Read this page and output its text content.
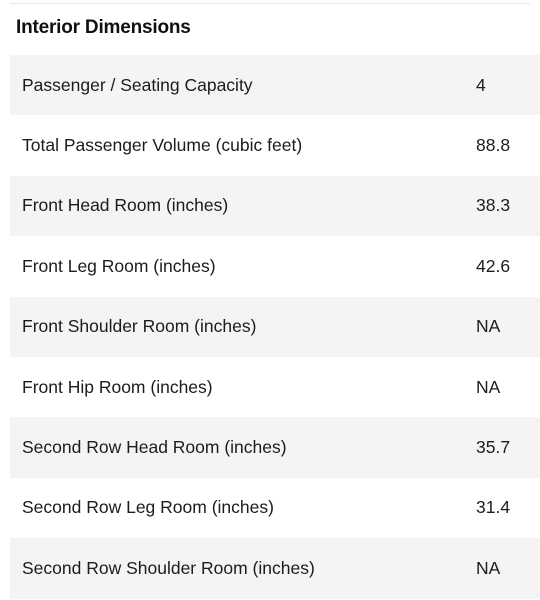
Interior Dimensions
Passenger / Seating Capacity	4
Total Passenger Volume (cubic feet)	88.8
Front Head Room (inches)	38.3
Front Leg Room (inches)	42.6
Front Shoulder Room (inches)	NA
Front Hip Room (inches)	NA
Second Row Head Room (inches)	35.7
Second Row Leg Room (inches)	31.4
Second Row Shoulder Room (inches)	NA
